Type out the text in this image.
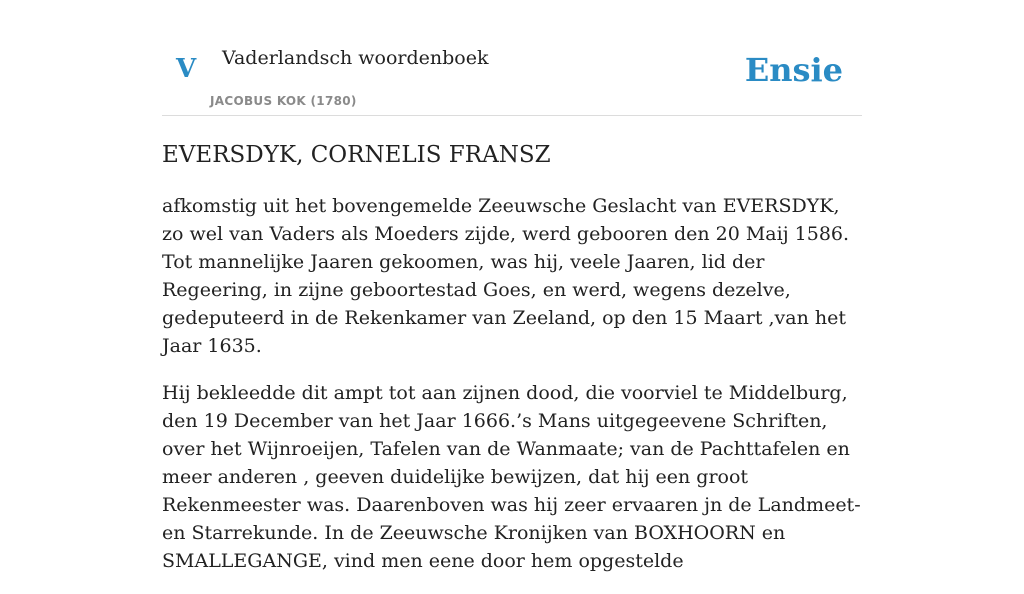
V Vaderlandsch woordenboek
JACOBUS KOK (1780)
Ensie
EVERSDYK, CORNELIS FRANSZ

afkomstig uit het bovengemelde Zeeuwsche Geslacht van EVERSDYK, zo wel van Vaders als Moeders zijde, werd gebooren den 20 Maij 1586. Tot mannelijke Jaaren gekoomen, was hij, veele Jaaren, lid der Regeering, in zijne geboortestad Goes, en werd, wegens dezelve, gedeputeerd in de Rekenkamer van Zeeland, op den 15 Maart ,van het Jaar 1635.

Hij bekleedde dit ampt tot aan zijnen dood, die voorviel te Middelburg, den 19 December van het Jaar 1666.’s Mans uitgegeevene Schriften, over het Wijnroeijen, Tafelen van de Wanmaate; van de Pachttafelen en meer anderen , geeven duidelijke bewijzen, dat hij een groot Rekenmeester was. Daarenboven was hij zeer ervaaren jn de Landmeet- en Starrekunde. In de Zeeuwsche Kronijken van BOXHOORN en SMALLEGANGE, vind men eene door hem opgestelde
